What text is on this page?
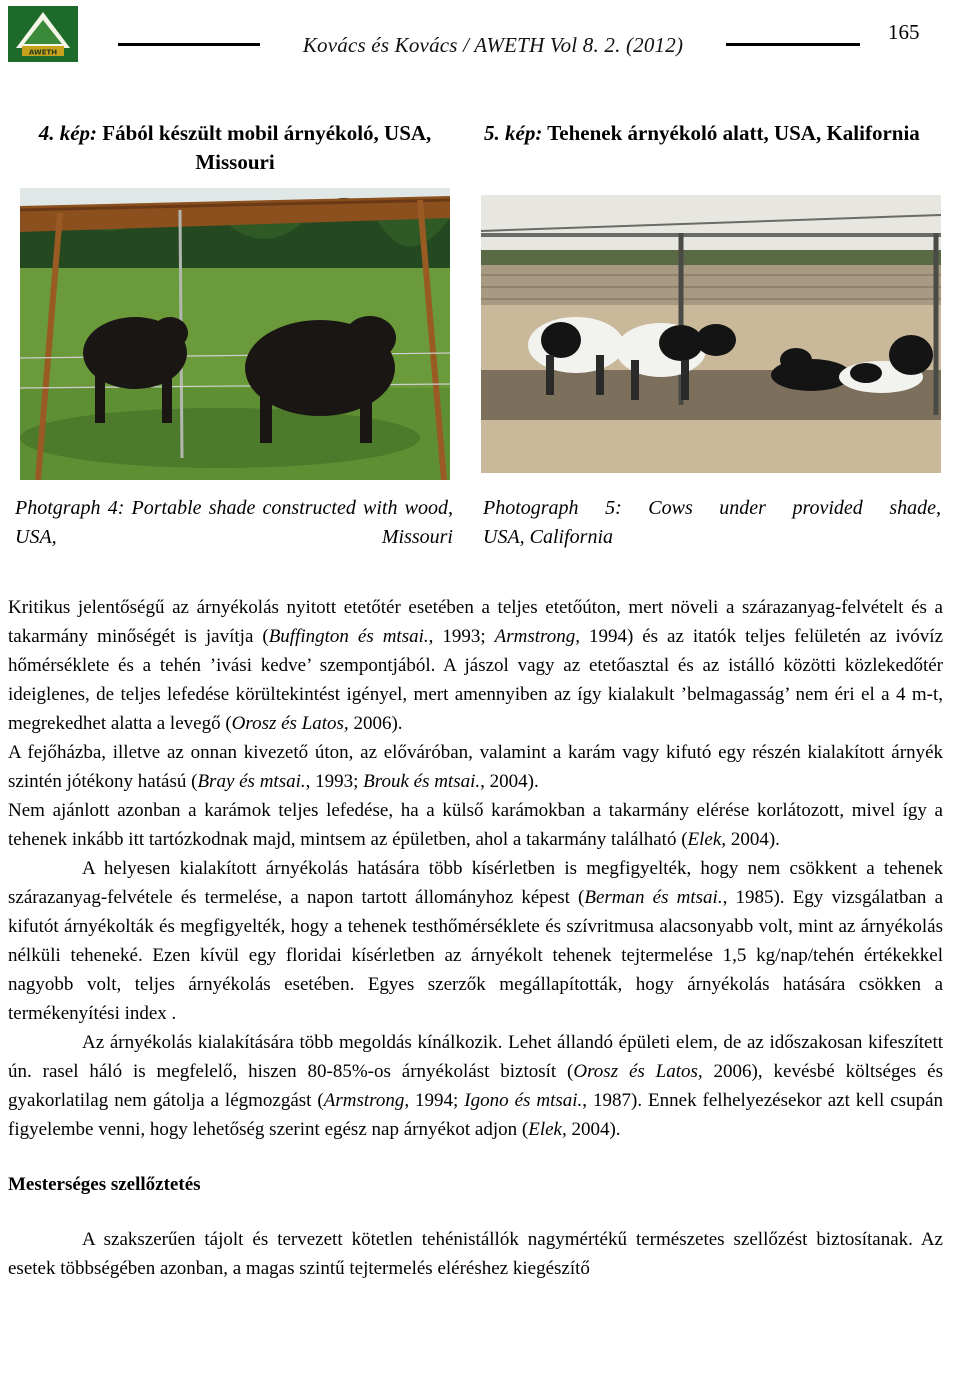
AWETH	Kovács és Kovács / AWETH Vol 8. 2. (2012)
165
4. kép: Fából készült mobil árnyékoló, USA, Missouri
5. kép: Tehenek árnyékoló alatt, USA, Kalifornia
Photgraph 4: Portable shade constructed with wood, USA, Missouri
Photograph 5: Cows under provided shade,
USA, California

Kritikus jelentőségű az árnyékolás nyitott etetőtér esetében a teljes etetőúton, mert növeli a szárazanyag-felvételt és a takarmány minőségét is javítja (Buffington és mtsai., 1993; Armstrong, 1994) és az itatók teljes felületén az ivóvíz hőmérséklete és a tehén ’ivási kedve’ szempontjából. A jászol vagy az etetőasztal és az istálló közötti közlekedőtér ideiglenes, de teljes lefedése körültekintést igényel, mert amennyiben az így kialakult ’belmagasság’ nem éri el a 4 m-t, megrekedhet alatta a levegő (Orosz és Latos, 2006).

A fejőházba, illetve az onnan kivezető úton, az előváróban, valamint a karám vagy kifutó egy részén kialakított árnyék szintén jótékony hatású (Bray és mtsai., 1993; Brouk és mtsai., 2004).

Nem ajánlott azonban a karámok teljes lefedése, ha a külső karámokban a takarmány elérése korlátozott, mivel így a tehenek inkább itt tartózkodnak majd, mintsem az épületben, ahol a takarmány található (Elek, 2004).

A helyesen kialakított árnyékolás hatására több kísérletben is megfigyelték, hogy nem csökkent a tehenek szárazanyag-felvétele és termelése, a napon tartott állományhoz képest (Berman és mtsai., 1985). Egy vizsgálatban a kifutót árnyékolták és megfigyelték, hogy a tehenek testhőmérséklete és szívritmusa alacsonyabb volt, mint az árnyékolás nélküli teheneké. Ezen kívül egy floridai kísérletben az árnyékolt tehenek tejtermelése 1,5 kg/nap/tehén értékekkel nagyobb volt, teljes árnyékolás esetében. Egyes szerzők megállapították, hogy árnyékolás hatására csökken a termékenyítési index .

Az árnyékolás kialakítására több megoldás kínálkozik. Lehet állandó épületi elem, de az időszakosan kifeszített ún. rasel háló is megfelelő, hiszen 80-85%-os árnyékolást biztosít (Orosz és Latos, 2006), kevésbé költséges és gyakorlatilag nem gátolja a légmozgást (Armstrong, 1994; Igono és mtsai., 1987). Ennek felhelyezésekor azt kell csupán figyelembe venni, hogy lehetőség szerint egész nap árnyékot adjon (Elek, 2004).

Mesterséges szellőztetés

A szakszerűen tájolt és tervezett kötetlen tehénistállók nagymértékű természetes szellőzést biztosítanak. Az esetek többségében azonban, a magas szintű tejtermelés eléréshez kiegészítő
